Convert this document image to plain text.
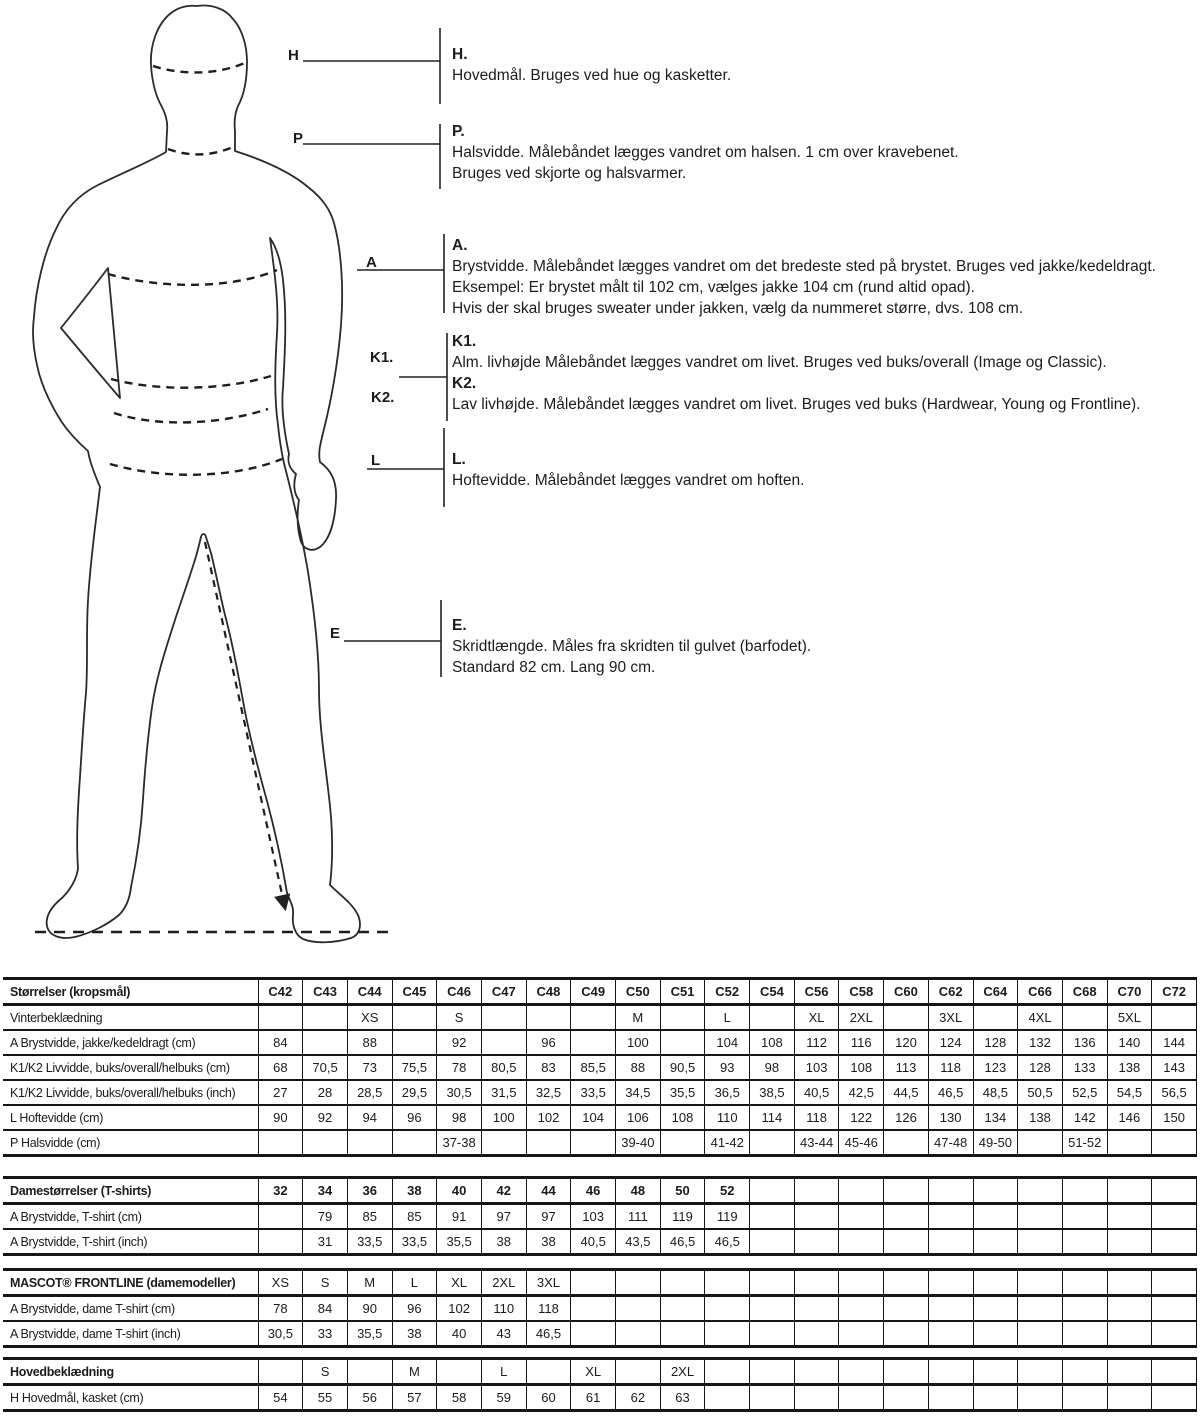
H
P
A
K1.
K2.
L
E
H.
Hovedmål. Bruges ved hue og kasketter.
P.
Halsvidde. Målebåndet lægges vandret om halsen. 1 cm over kravebenet.
Bruges ved skjorte og halsvarmer.
A.
Brystvidde. Målebåndet lægges vandret om det bredeste sted på brystet. Bruges ved jakke/kedeldragt. Eksempel: Er brystet målt til 102 cm, vælges jakke 104 cm (rund altid opad).
Hvis der skal bruges sweater under jakken, vælg da nummeret større, dvs. 108 cm.
K1.
Alm. livhøjde Målebåndet lægges vandret om livet. Bruges ved buks/overall (Image og Classic).
K2.
Lav livhøjde. Målebåndet lægges vandret om livet. Bruges ved buks (Hardwear, Young og Frontline).
L.
Hoftevidde. Målebåndet lægges vandret om hoften.
E.
Skridtlængde. Måles fra skridten til gulvet (barfodet).
Standard 82 cm. Lang 90 cm.
Størrelser (kropsmål)	C42	C43	C44	C45	C46	C47	C48	C49	C50	C51	C52	C54	C56	C58	C60	C62	C64	C66	C68	C70	C72
Vinterbeklædning			XS		S				M		L		XL	2XL		3XL		4XL		5XL	
A Brystvidde, jakke/kedeldragt (cm)	84		88		92		96		100		104	108	112	116	120	124	128	132	136	140	144
K1/K2 Livvidde, buks/overall/helbuks (cm)	68	70,5	73	75,5	78	80,5	83	85,5	88	90,5	93	98	103	108	113	118	123	128	133	138	143
K1/K2 Livvidde, buks/overall/helbuks (inch)	27	28	28,5	29,5	30,5	31,5	32,5	33,5	34,5	35,5	36,5	38,5	40,5	42,5	44,5	46,5	48,5	50,5	52,5	54,5	56,5
L Hoftevidde (cm)	90	92	94	96	98	100	102	104	106	108	110	114	118	122	126	130	134	138	142	146	150
P Halsvidde (cm)					37-38				39-40		41-42		43-44	45-46		47-48	49-50		51-52		
Damestørrelser (T-shirts)	32	34	36	38	40	42	44	46	48	50	52										
A Brystvidde, T-shirt (cm)		79	85	85	91	97	97	103	111	119	119										
A Brystvidde, T-shirt (inch)		31	33,5	33,5	35,5	38	38	40,5	43,5	46,5	46,5										
MASCOT® FRONTLINE (damemodeller)	XS	S	M	L	XL	2XL	3XL														
A Brystvidde, dame T-shirt (cm)	78	84	90	96	102	110	118														
A Brystvidde, dame T-shirt (inch)	30,5	33	35,5	38	40	43	46,5														
Hovedbeklædning		S		M		L		XL		2XL											
H Hovedmål, kasket (cm)	54	55	56	57	58	59	60	61	62	63											
